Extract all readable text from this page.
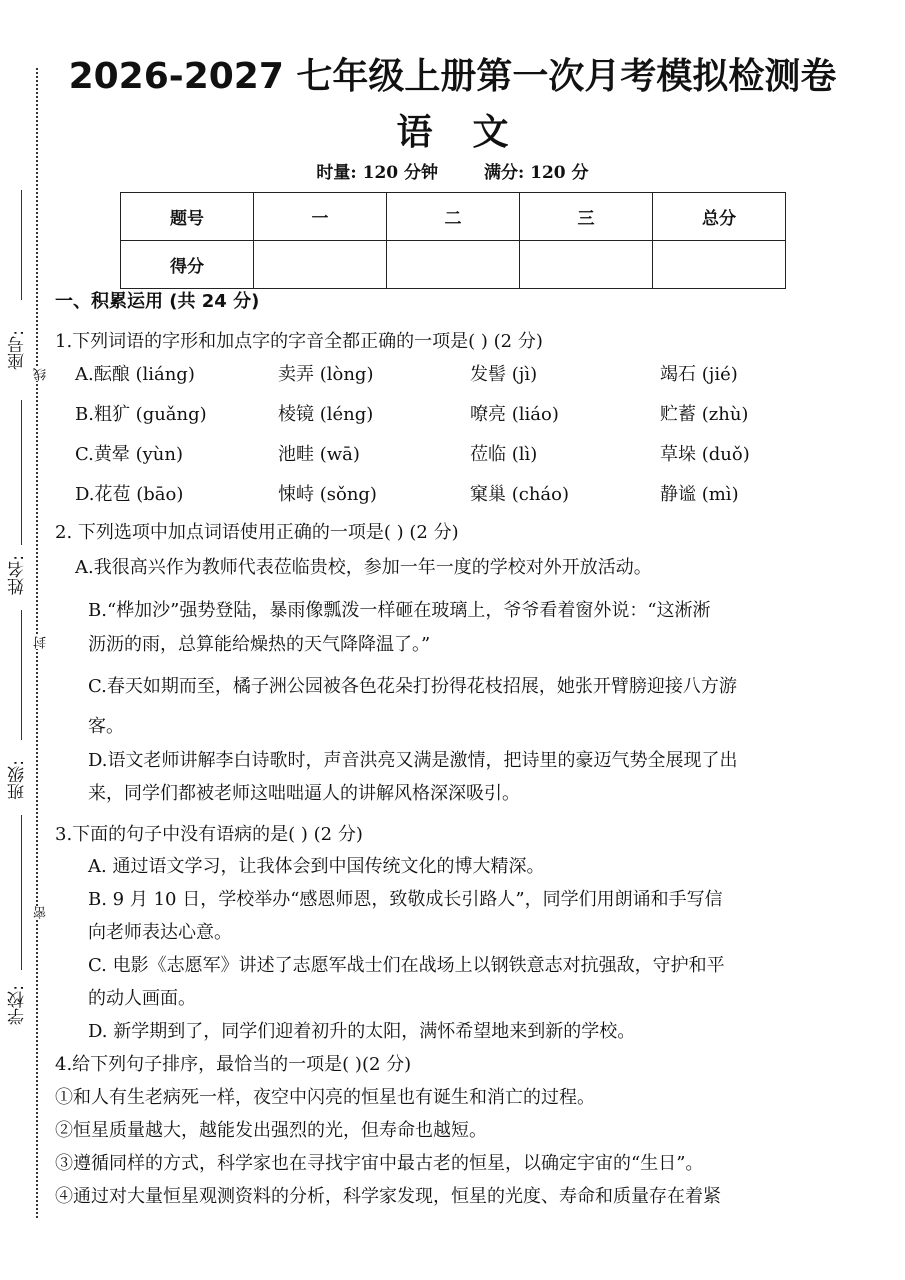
座号:
线
姓名:
封
班级:
密
学校:
2026-2027 七年级上册第一次月考模拟检测卷
语文
时量: 120 分钟	满分: 120 分
题号	一	二	三	总分
得分				
一、积累运用 (共 24 分)
1.下列词语的字形和加点字的字音全都正确的一项是( ) (2 分)
A.酝酿 (liáng)	卖弄 (lòng)	发髻 (jì)	竭石 (jié)
B.粗犷 (guǎng)	棱镜 (léng)	嘹亮 (liáo)	贮蓄 (zhù)
C.黄晕 (yùn)	池畦 (wā)	莅临 (lì)	草垛 (duǒ)
D.花苞 (bāo)	悚峙 (sǒng)	窠巢 (cháo)	静谧 (mì)
2. 下列选项中加点词语使用正确的一项是( ) (2 分)
A.我很高兴作为教师代表莅临贵校，参加一年一度的学校对外开放活动。
B.“桦加沙”强势登陆，暴雨像瓢泼一样砸在玻璃上，爷爷看着窗外说：“这淅淅
沥沥的雨，总算能给燥热的天气降降温了。”
C.春天如期而至，橘子洲公园被各色花朵打扮得花枝招展，她张开臂膀迎接八方游
客。
D.语文老师讲解李白诗歌时，声音洪亮又满是激情，把诗里的豪迈气势全展现了出
来，同学们都被老师这咄咄逼人的讲解风格深深吸引。
3.下面的句子中没有语病的是( ) (2 分)
A. 通过语文学习，让我体会到中国传统文化的博大精深。
B. 9 月 10 日，学校举办“感恩师恩，致敬成长引路人”，同学们用朗诵和手写信
向老师表达心意。
C. 电影《志愿军》讲述了志愿军战士们在战场上以钢铁意志对抗强敌，守护和平
的动人画面。
D. 新学期到了，同学们迎着初升的太阳，满怀希望地来到新的学校。
4.给下列句子排序，最恰当的一项是( )(2 分)
①和人有生老病死一样，夜空中闪亮的恒星也有诞生和消亡的过程。
②恒星质量越大，越能发出强烈的光，但寿命也越短。
③遵循同样的方式，科学家也在寻找宇宙中最古老的恒星，以确定宇宙的“生日”。
④通过对大量恒星观测资料的分析，科学家发现，恒星的光度、寿命和质量存在着紧
